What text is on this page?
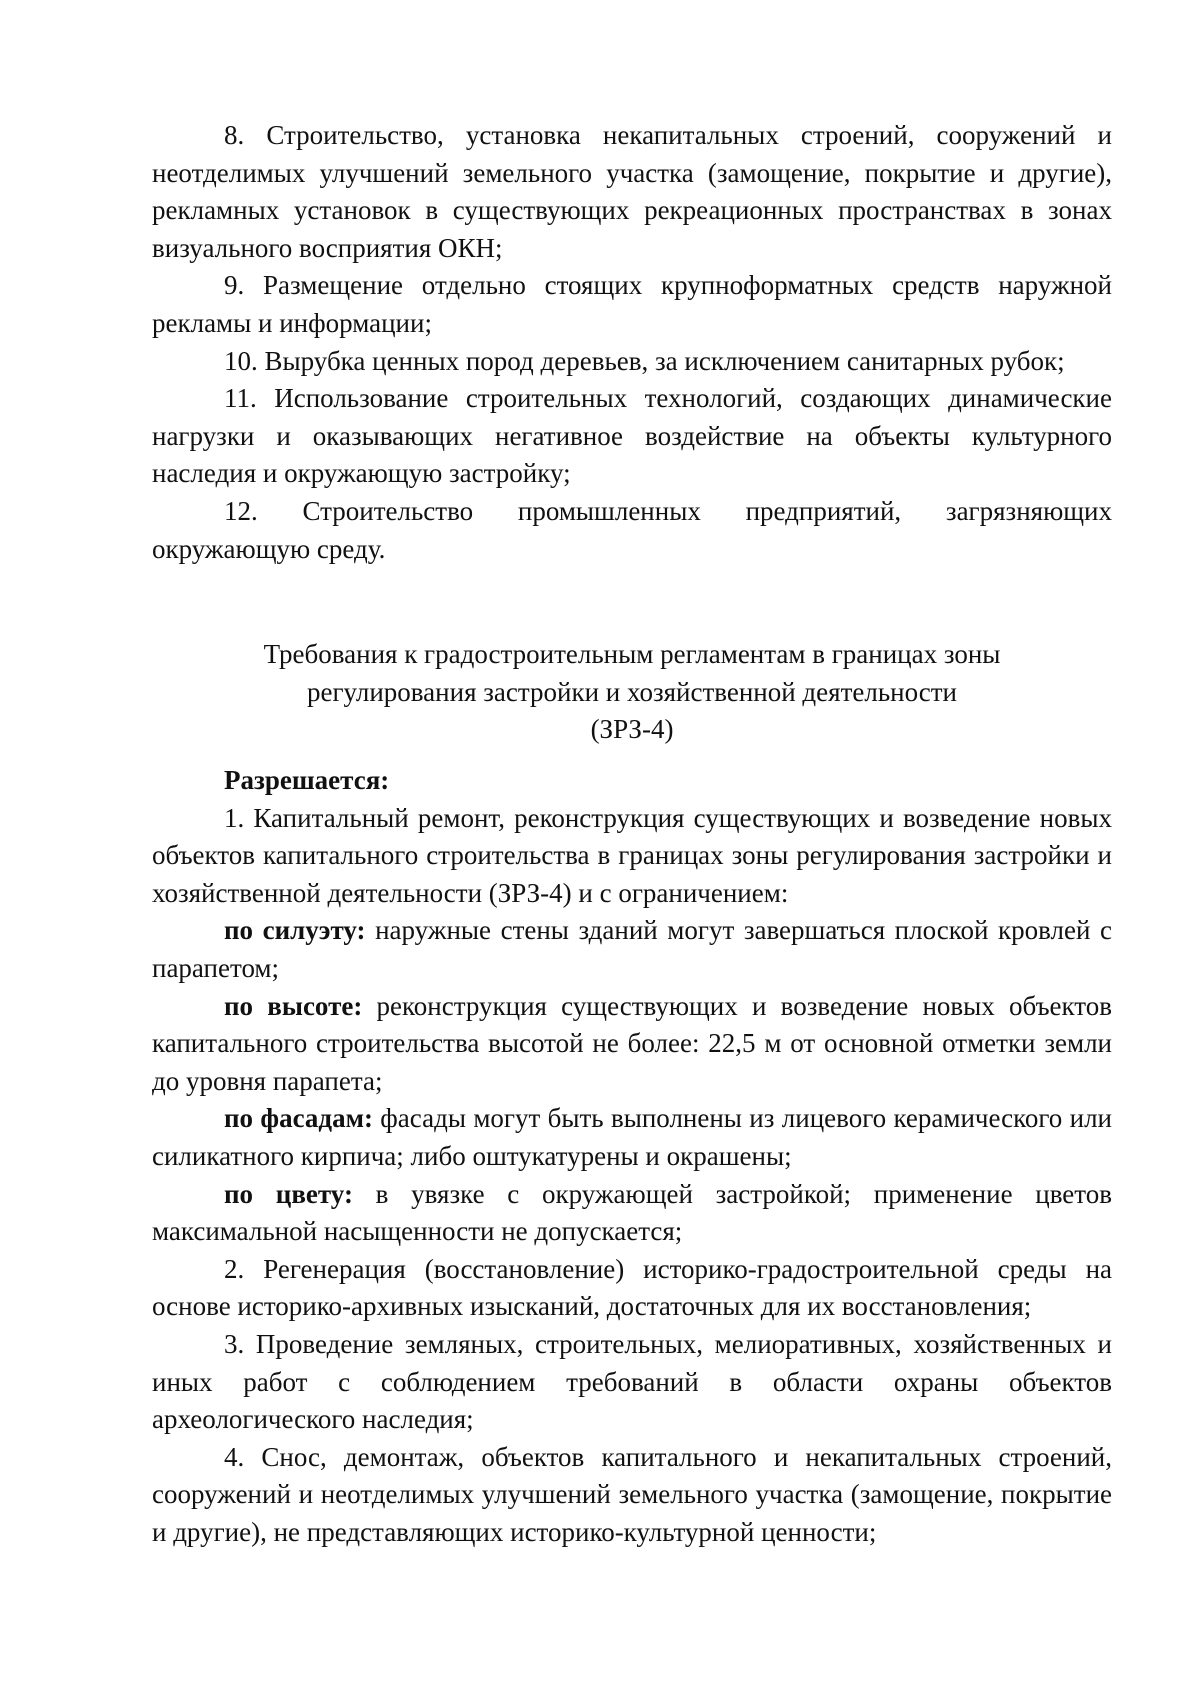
8. Строительство, установка некапитальных строений, сооружений и неотделимых улучшений земельного участка (замощение, покрытие и другие), рекламных установок в существующих рекреационных пространствах в зонах визуального восприятия ОКН;

9. Размещение отдельно стоящих крупноформатных средств наружной рекламы и информации;

10. Вырубка ценных пород деревьев, за исключением санитарных рубок;

11. Использование строительных технологий, создающих динамические нагрузки и оказывающих негативное воздействие на объекты культурного наследия и окружающую застройку;

12. Строительство промышленных предприятий, загрязняющих окружающую среду.

Требования к градостроительным регламентам в границах зоны
регулирования застройки и хозяйственной деятельности
(ЗРЗ-4)

Разрешается:

1. Капитальный ремонт, реконструкция существующих и возведение новых объектов капитального строительства в границах зоны регулирования застройки и хозяйственной деятельности (ЗРЗ-4) и с ограничением:

по силуэту: наружные стены зданий могут завершаться плоской кровлей с парапетом;

по высоте: реконструкция существующих и возведение новых объектов капитального строительства высотой не более: 22,5 м от основной отметки земли до уровня парапета;

по фасадам: фасады могут быть выполнены из лицевого керамического или силикатного кирпича; либо оштукатурены и окрашены;

по цвету: в увязке с окружающей застройкой; применение цветов максимальной насыщенности не допускается;

2. Регенерация (восстановление) историко-градостроительной среды на основе историко-архивных изысканий, достаточных для их восстановления;

3. Проведение земляных, строительных, мелиоративных, хозяйственных и иных работ с соблюдением требований в области охраны объектов археологического наследия;

4. Снос, демонтаж, объектов капитального и некапитальных строений, сооружений и неотделимых улучшений земельного участка (замощение, покрытие и другие), не представляющих историко-культурной ценности;
